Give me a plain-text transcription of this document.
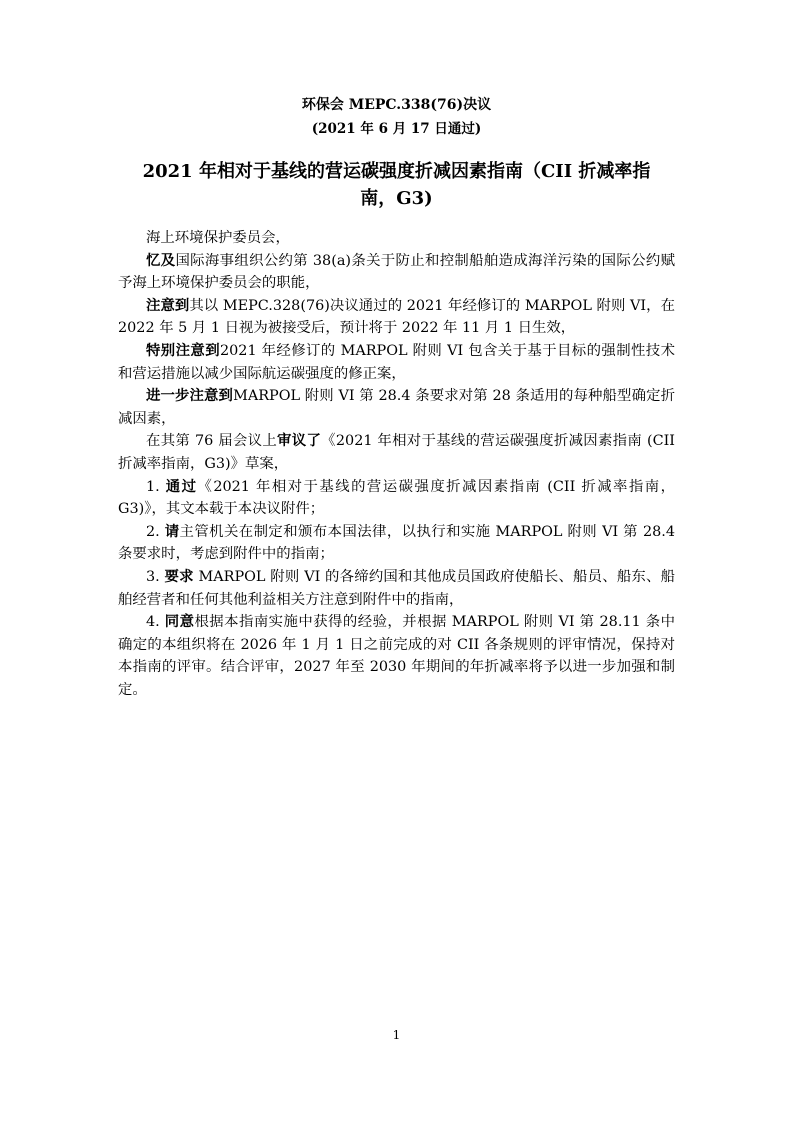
环保会 MEPC.338(76)决议
(2021 年 6 月 17 日通过)
2021 年相对于基线的营运碳强度折减因素指南（CII 折减率指
南，G3)

海上环境保护委员会，

忆及国际海事组织公约第 38(a)条关于防止和控制船舶造成海洋污染的国际公约赋予海上环境保护委员会的职能，

注意到其以 MEPC.328(76)决议通过的 2021 年经修订的 MARPOL 附则 VI，在 2022 年 5 月 1 日视为被接受后，预计将于 2022 年 11 月 1 日生效，

特别注意到2021 年经修订的 MARPOL 附则 VI 包含关于基于目标的强制性技术和营运措施以减少国际航运碳强度的修正案，

进一步注意到MARPOL 附则 VI 第 28.4 条要求对第 28 条适用的每种船型确定折减因素，

在其第 76 届会议上审议了《2021 年相对于基线的营运碳强度折减因素指南 (CII 折减率指南，G3)》草案，

1. 通过《2021 年相对于基线的营运碳强度折减因素指南 (CII 折减率指南，G3)》，其文本载于本决议附件；

2. 请主管机关在制定和颁布本国法律，以执行和实施 MARPOL 附则 VI 第 28.4 条要求时，考虑到附件中的指南；

3. 要求 MARPOL 附则 VI 的各缔约国和其他成员国政府使船长、船员、船东、船舶经营者和任何其他利益相关方注意到附件中的指南，

4. 同意根据本指南实施中获得的经验，并根据 MARPOL 附则 VI 第 28.11 条中确定的本组织将在 2026 年 1 月 1 日之前完成的对 CII 各条规则的评审情况，保持对本指南的评审。结合评审，2027 年至 2030 年期间的年折减率将予以进一步加强和制定。

1
